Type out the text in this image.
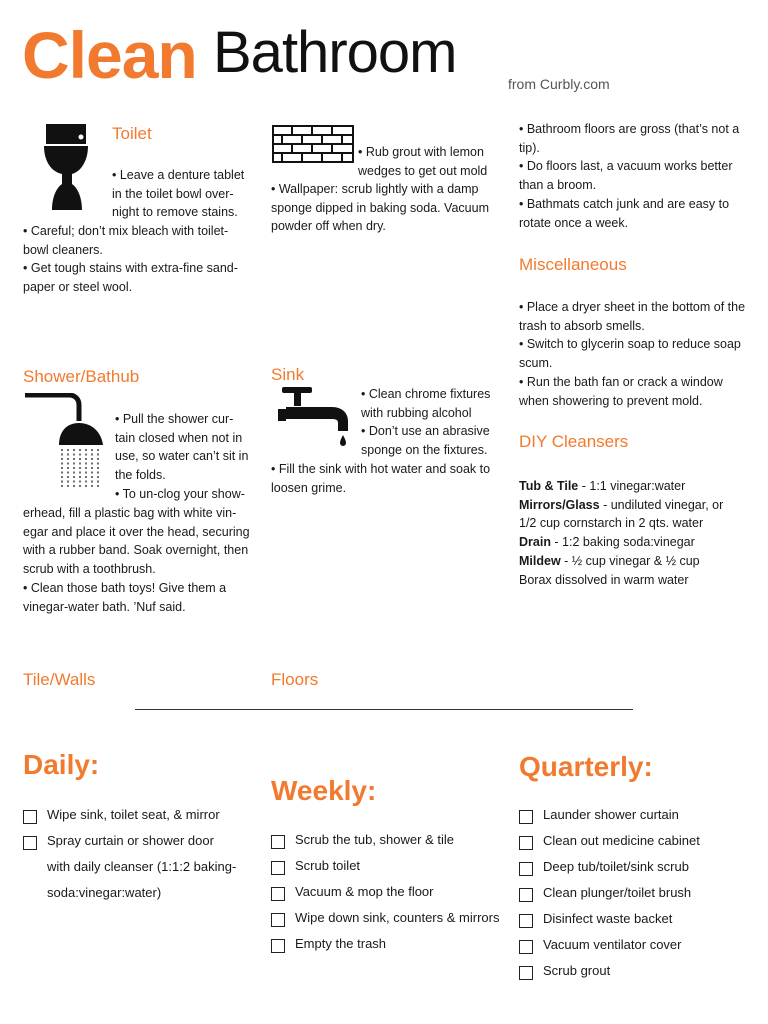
Clean Bathroom	from Curbly.com
Toilet

• Leave a denture tablet

in the toilet bowl over-

night to remove stains.

• Careful; don’t mix bleach with toilet-

bowl cleaners.

• Get tough stains with extra-fine sand-

paper or steel wool.

• Rub grout with lemon

wedges to get out mold

• Wallpaper: scrub lightly with a damp

sponge dipped in baking soda. Vacuum

powder off when dry.

• Bathroom floors are gross (that’s not a

tip).

• Do floors last, a vacuum works better

than a broom.

• Bathmats catch junk and are easy to

rotate once a week.

Miscellaneous

• Place a dryer sheet in the bottom of the

trash to absorb smells.

• Switch to glycerin soap to reduce soap

scum.

• Run the bath fan or crack a window

when showering to prevent mold.

Shower/Bathub

• Pull the shower cur-

tain closed when not in

use, so water can’t sit in

the folds.

• To un-clog your show-

erhead, fill a plastic bag with white vin-

egar and place it over the head, securing

with a rubber band. Soak overnight, then

scrub with a toothbrush.

• Clean those bath toys! Give them a

vinegar-water bath. ’Nuf said.

Sink

• Clean chrome fixtures

with rubbing alcohol

• Don’t use an abrasive

sponge on the fixtures.

• Fill the sink with hot water and soak to

loosen grime.

DIY Cleansers

Tub & Tile - 1:1 vinegar:water

Mirrors/Glass - undiluted vinegar, or

1/2 cup cornstarch in 2 qts. water

Drain - 1:2 baking soda:vinegar

Mildew - ½ cup vinegar & ½ cup

Borax dissolved in warm water

Tile/Walls	Floors
Daily:
Wipe sink, toilet seat, & mirror
Spray curtain or shower door
with daily cleanser (1:1:2 baking-
soda:vinegar:water)
Weekly:
Scrub the tub, shower & tile
Scrub toilet
Vacuum & mop the floor
Wipe down sink, counters & mirrors
Empty the trash
Quarterly:
Launder shower curtain
Clean out medicine cabinet
Deep tub/toilet/sink scrub
Clean plunger/toilet brush
Disinfect waste backet
Vacuum ventilator cover
Scrub grout
